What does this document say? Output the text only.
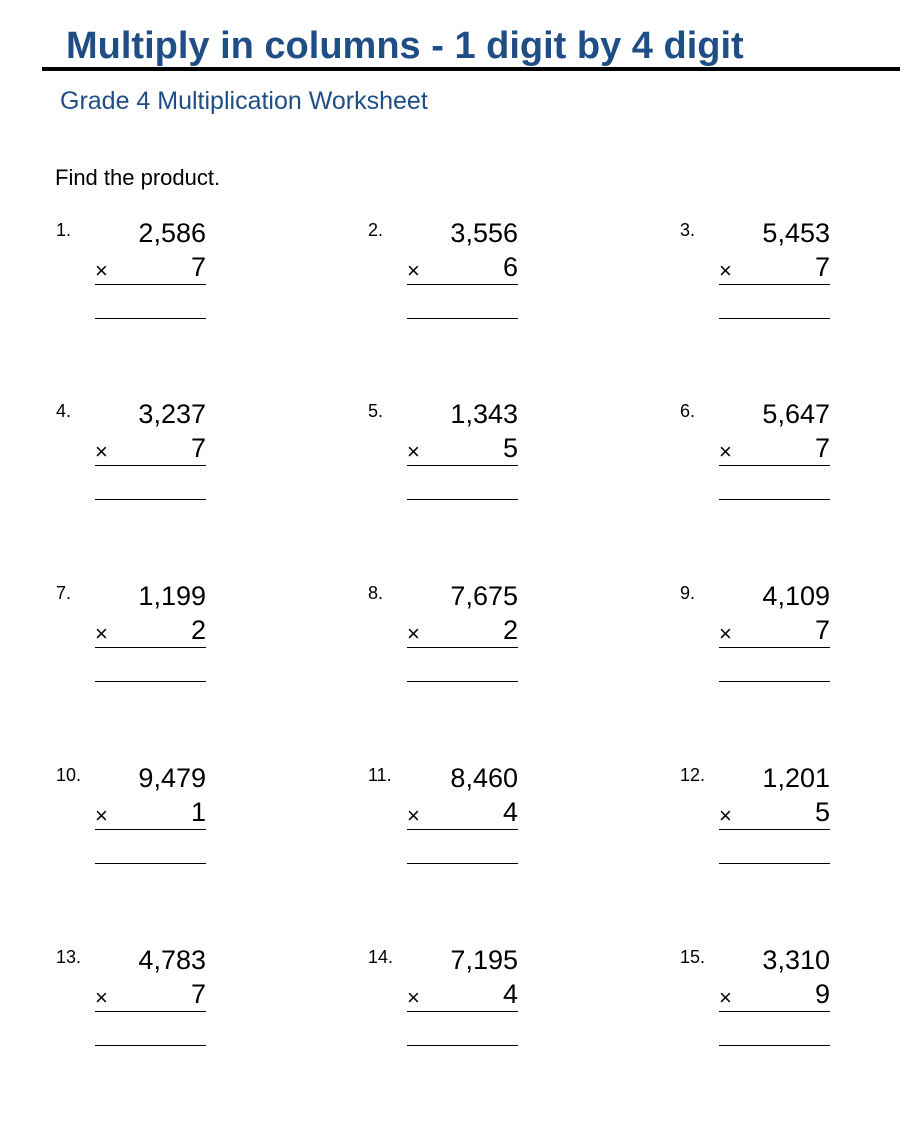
Multiply in columns - 1 digit by 4 digit
Grade 4 Multiplication Worksheet

Find the product.

1. 2,586
×	7
2. 3,556
×	6
3. 5,453
×	7
4. 3,237
×	7
5. 1,343
×	5
6. 5,647
×	7
7. 1,199
×	2
8. 7,675
×	2
9. 4,109
×	7
10. 9,479
×	1
11. 8,460
×	4
12. 1,201
×	5
13. 4,783
×	7
14. 7,195
×	4
15. 3,310
×	9
